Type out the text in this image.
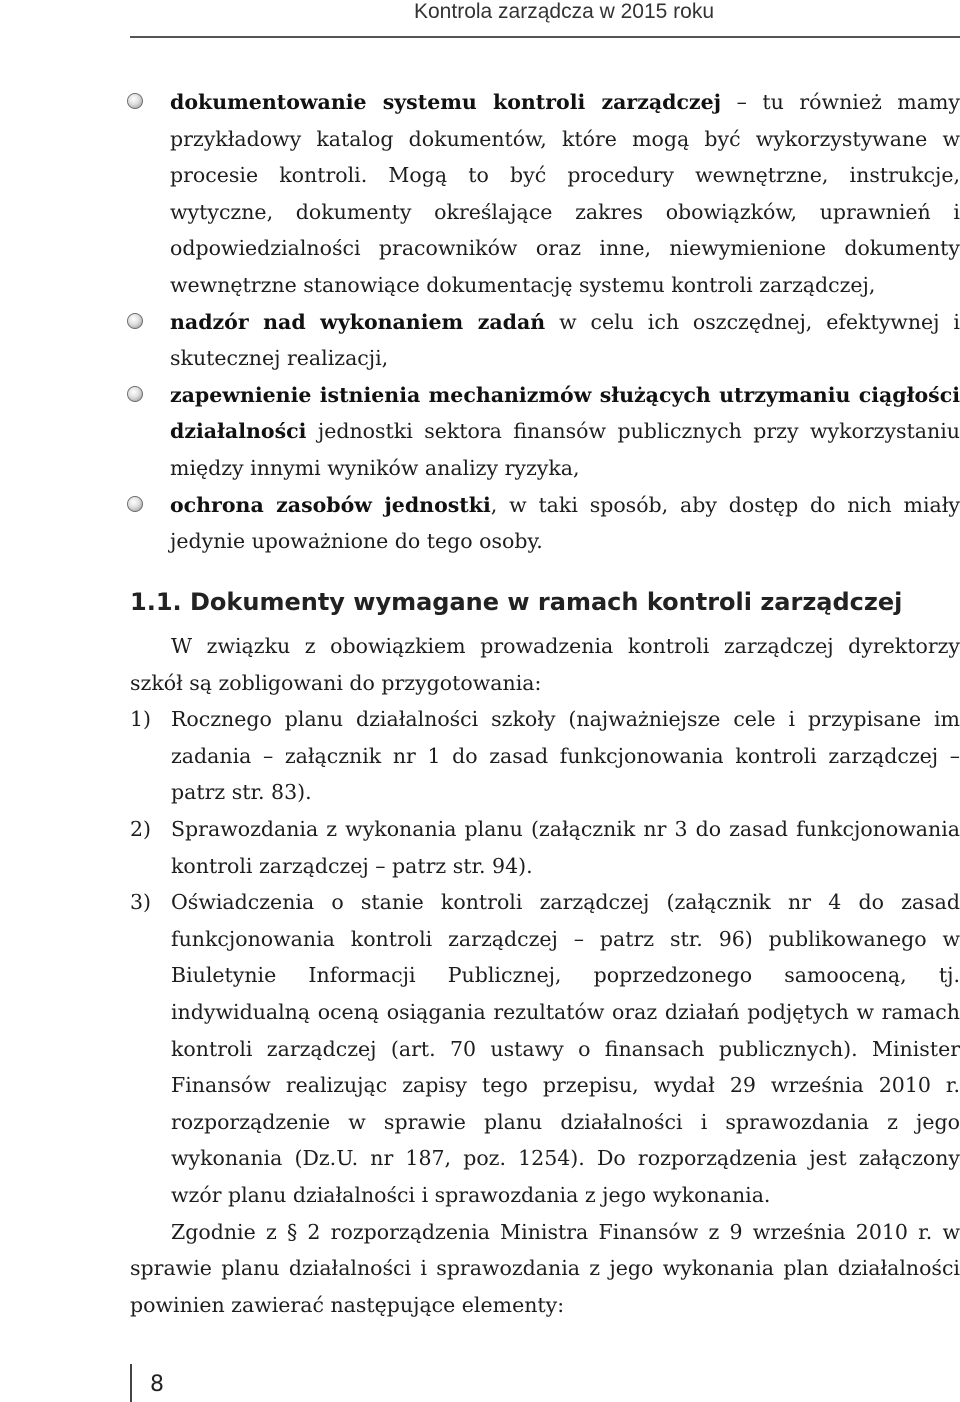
Kontrola zarządcza w 2015 roku
dokumentowanie systemu kontroli zarządczej – tu również mamy przykładowy katalog dokumentów, które mogą być wykorzystywane w procesie kontroli. Mogą to być procedury wewnętrzne, instrukcje, wytyczne, dokumenty określające zakres obowiązków, uprawnień i odpowiedzialności pracowników oraz inne, niewymienione dokumenty wewnętrzne stanowiące dokumentację systemu kontroli zarządczej,
nadzór nad wykonaniem zadań w celu ich oszczędnej, efektywnej i skutecznej realizacji,
zapewnienie istnienia mechanizmów służących utrzymaniu ciągłości działalności jednostki sektora finansów publicznych przy wykorzystaniu między innymi wyników analizy ryzyka,
ochrona zasobów jednostki, w taki sposób, aby dostęp do nich miały jedynie upoważnione do tego osoby.
1.1. Dokumenty wymagane w ramach kontroli zarządczej

W związku z obowiązkiem prowadzenia kontroli zarządczej dyrektorzy szkół są zobligowani do przygotowania:

1) Rocznego planu działalności szkoły (najważniejsze cele i przypisane im zadania – załącznik nr 1 do zasad funkcjonowania kontroli zarządczej – patrz str. 83).
2) Sprawozdania z wykonania planu (załącznik nr 3 do zasad funkcjonowania kontroli zarządczej – patrz str. 94).
3) Oświadczenia o stanie kontroli zarządczej (załącznik nr 4 do zasad funkcjonowania kontroli zarządczej – patrz str. 96) publikowanego w Biuletynie Informacji Publicznej, poprzedzonego samooceną, tj. indywidualną oceną osiągania rezultatów oraz działań podjętych w ramach kontroli zarządczej (art. 70 ustawy o finansach publicznych). Minister Finansów realizując zapisy tego przepisu, wydał 29 września 2010 r. rozporządzenie w sprawie planu działalności i sprawozdania z jego wykonania (Dz.U. nr 187, poz. 1254). Do rozporządzenia jest załączony wzór planu działalności i sprawozdania z jego wykonania.

Zgodnie z § 2 rozporządzenia Ministra Finansów z 9 września 2010 r. w sprawie planu działalności i sprawozdania z jego wykonania plan działalności powinien zawierać następujące elementy:

8
